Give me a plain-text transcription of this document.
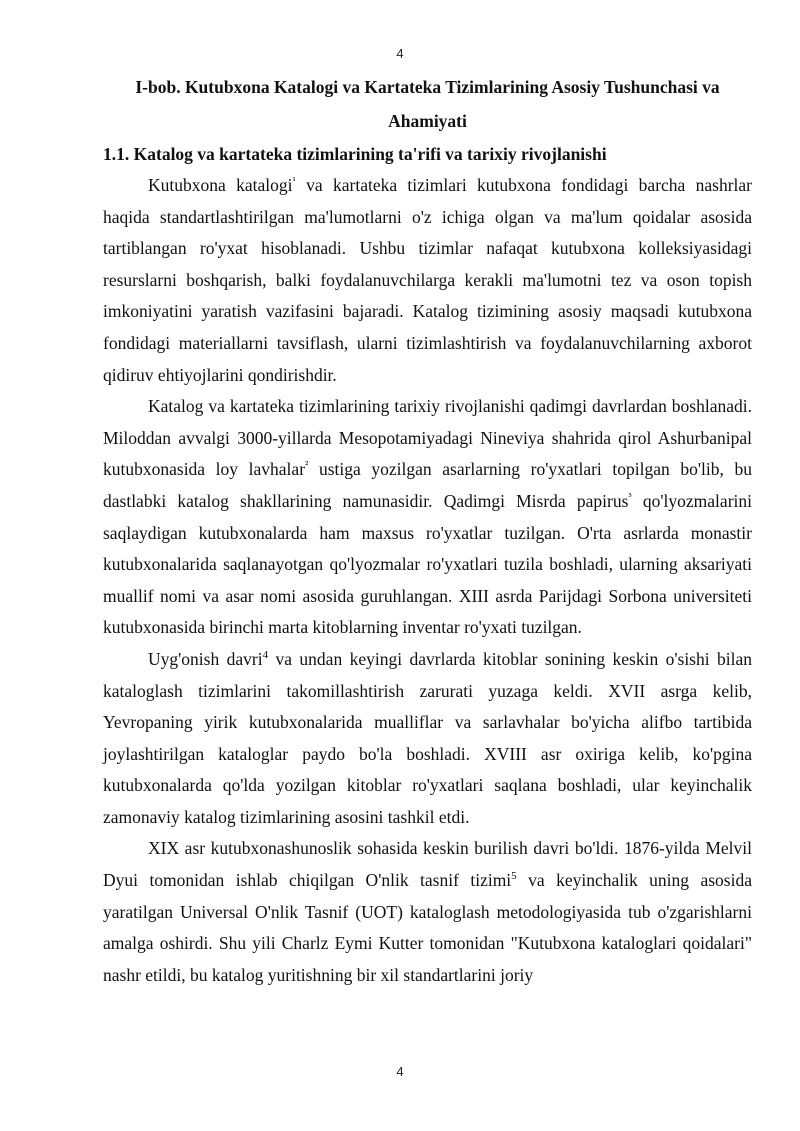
4
I-bob. Kutubxona Katalogi va Kartateka Tizimlarining Asosiy Tushunchasi va Ahamiyati
1.1. Katalog va kartateka tizimlarining ta'rifi va tarixiy rivojlanishi

Kutubxona katalogi$^{^1}$ va kartateka tizimlari kutubxona fondidagi barcha nashrlar haqida standartlashtirilgan ma'lumotlarni o'z ichiga olgan va ma'lum qoidalar asosida tartiblangan ro'yxat hisoblanadi. Ushbu tizimlar nafaqat kutubxona kolleksiyasidagi resurslarni boshqarish, balki foydalanuvchilarga kerakli ma'lumotni tez va oson topish imkoniyatini yaratish vazifasini bajaradi. Katalog tizimining asosiy maqsadi kutubxona fondidagi materiallarni tavsiflash, ularni tizimlashtirish va foydalanuvchilarning axborot qidiruv ehtiyojlarini qondirishdir.

Katalog va kartateka tizimlarining tarixiy rivojlanishi qadimgi davrlardan boshlanadi. Miloddan avvalgi 3000-yillarda Mesopotamiyadagi Nineviya shahrida qirol Ashurbanipal kutubxonasida loy lavhalar$^{^2}$ ustiga yozilgan asarlarning ro'yxatlari topilgan bo'lib, bu dastlabki katalog shakllarining namunasidir. Qadimgi Misrda papirus$^{^3}$ qo'lyozmalarini saqlaydigan kutubxonalarda ham maxsus ro'yxatlar tuzilgan. O'rta asrlarda monastir kutubxonalarida saqlanayotgan qo'lyozmalar ro'yxatlari tuzila boshladi, ularning aksariyati muallif nomi va asar nomi asosida guruhlangan. XIII asrda Parijdagi Sorbona universiteti kutubxonasida birinchi marta kitoblarning inventar ro'yxati tuzilgan.

Uyg'onish davri$^4$ va undan keyingi davrlarda kitoblar sonining keskin o'sishi bilan kataloglash tizimlarini takomillashtirish zarurati yuzaga keldi. XVII asrga kelib, Yevropaning yirik kutubxonalarida mualliflar va sarlavhalar bo'yicha alifbo tartibida joylashtirilgan kataloglar paydo bo'la boshladi. XVIII asr oxiriga kelib, ko'pgina kutubxonalarda qo'lda yozilgan kitoblar ro'yxatlari saqlana boshladi, ular keyinchalik zamonaviy katalog tizimlarining asosini tashkil etdi.

XIX asr kutubxonashunoslik sohasida keskin burilish davri bo'ldi. 1876-yilda Melvil Dyui tomonidan ishlab chiqilgan O'nlik tasnif tizimi$^5$ va keyinchalik uning asosida yaratilgan Universal O'nlik Tasnif (UOT) kataloglash metodologiyasida tub o'zgarishlarni amalga oshirdi. Shu yili Charlz Eymi Kutter tomonidan "Kutubxona kataloglari qoidalari" nashr etildi, bu katalog yuritishning bir xil standartlarini joriy

4
